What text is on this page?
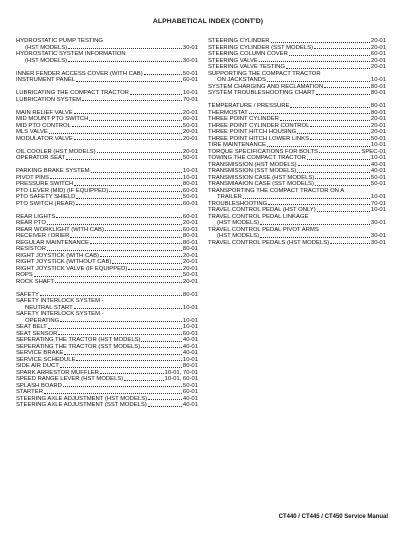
ALPHABETICAL INDEX (CONT'D)
HYDROSTATIC PUMP TESTING
(HST MODELS)	30-01
HYDROSTATIC SYSTEM INFORMATION
(HST MODELS)	30-01
INNER FENDER ACCESS COVER (WITH CAB)	50-01
INSTRUMENT PANEL	60-01
LUBRICATING THE COMPACT TRACTOR	10-01
LUBRICATION SYSTEM	70-01
MAIN RELIEF VALVE	20-01
MID MOUNT PTO SWITCH	60-01
MID PTO CONTROL	50-01
MLS VALVE	20-01
MODULATOR VALVE	20-01
OIL COOLER (HST MODELS)	20-01
OPERATOR SEAT	50-01
PARKING BRAKE SYSTEM	10-01
PIVOT PINS	10-01
PRESSURE SWITCH	80-01
PTO LEVER (MID) (IF EQUIPPED)	60-01
PTO SAFETY SHIELD	50-01
PTO SWITCH (REAR)	60-01
REAR LIGHTS	60-01
REAR PTO	20-01
REAR WORKLIGHT (WITH CAB)	60-01
RECEIVER / DRIER	80-01
REGULAR MAINTENANCE	80-01
RESISTOR	80-01
RIGHT JOYSTICK (WITH CAB)	20-01
RIGHT JOYSTICK (WITHOUT CAB)	20-01
RIGHT JOYSTICK VALVE (IF EQUIPPED)	20-01
ROPS	50-01
ROCK SHAFT	20-01
SAFETY	80-01
SAFETY INTERLOCK SYSTEM -
NEUTRAL START	10-01
SAFETY INTERLOCK SYSTEM -
OPERATING	10-01
SEAT BELT	10-01
SEAT SENSOR	60-01
SEPERATING THE TRACTOR (HST MODELS)	40-01
SEPERATING THE TRACTOR (SST MODELS)	40-01
SERVICE BRAKE	40-01
SERVICE SCHEDULE	10-01
SIDE AIR DUCT	80-01
SPARK ARRESTOR MUFFLER	10-01, 70-01
SPEED RANGE LEVER (HST MODELS)	10-01, 60-01
SPLASH BOARD	50-01
STARTER	60-01
STEERING AXLE ADJUSTMENT (HST MODELS)	40-01
STEERING AXLE ADJUSTMENT (SST MODELS)	40-01
STEERING CYLINDER	20-01
STEERING CYLINDER (SST MODELS)	20-01
STEERING COLUMN COVER	60-01
STEERING VALVE	20-01
STEERING VALVE TESTING	20-01
SUPPORTING THE COMPACT TRACTOR
ON JACKSTANDS	10-01
SYSTEM CHARGING AND RECLAMATION	80-01
SYSTEM TROUBLESHOOTING CHART	80-01
TEMPERATURE / PRESSURE	80-01
THERMOSTAT	80-01
THREE POINT CYLINDER	20-01
THREE POINT CYLINDER CONTROL	20-01
THREE POINT HITCH HOUSING	20-01
THREE POINT HITCH LOWER LINKS	50-01
TIRE MAINTENANCE	10-01
TORQUE SPECIFICATIONS FOR BOLTS	SPEC-01
TOWING THE COMPACT TRACTOR	10-01
TRANSMISSION (HST MODELS)	40-01
TRANSMISSION (SST MODELS)	40-01
TRANSMISSION CASE (HST MODELS)	50-01
TRANSMIAAION CASE (SST MODELS)	50-01
TRANSPORTING THE COMPACT TRACTOR ON A
TRAILER	10-01
TROUBLESHOOTING	70-01
TRAVEL CONTROL PEDAL (HST ONLY)	10-01
TRAVEL CONTROL PEDAL LINKAGE
(HST MODELS)	30-01
TRAVEL CONTROL PEDAL PIVOT ARMS
(HST MODELS)	30-01
TRAVEL CONTROL PEDALS (HST MODELS)	30-01
CT440 / CT445 / CT450 Service Manual
